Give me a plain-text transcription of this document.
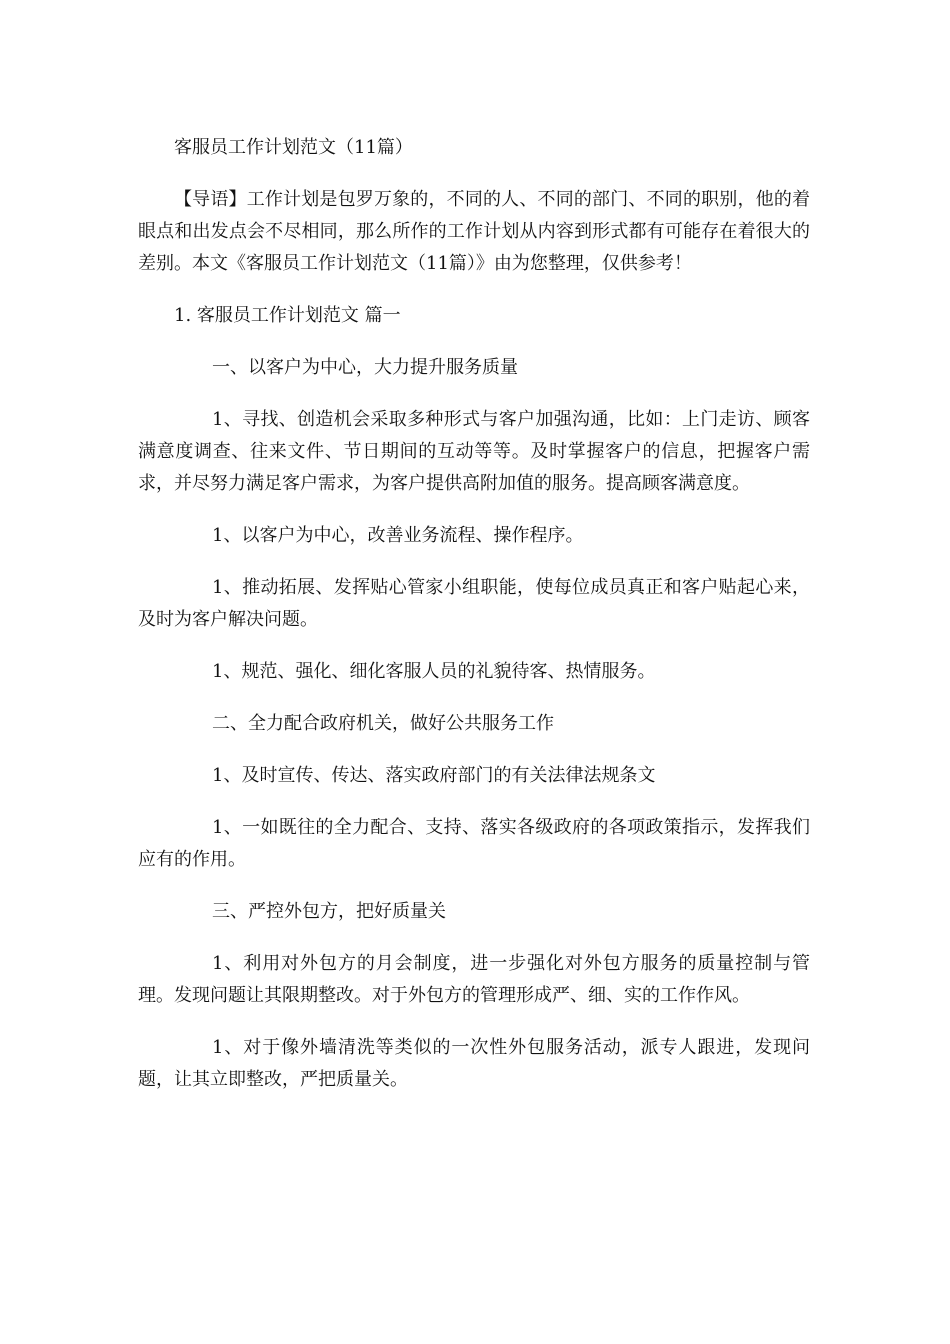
客服员工作计划范文（11篇）

【导语】工作计划是包罗万象的，不同的人、不同的部门、不同的职别，他的着眼点和出发点会不尽相同，那么所作的工作计划从内容到形式都有可能存在着很大的差别。本文《客服员工作计划范文（11篇）》由为您整理，仅供参考！

1. 客服员工作计划范文 篇一

一、以客户为中心，大力提升服务质量

1、寻找、创造机会采取多种形式与客户加强沟通，比如：上门走访、顾客满意度调查、往来文件、节日期间的互动等等。及时掌握客户的信息，把握客户需求，并尽努力满足客户需求，为客户提供高附加值的服务。提高顾客满意度。

1、以客户为中心，改善业务流程、操作程序。

1、推动拓展、发挥贴心管家小组职能，使每位成员真正和客户贴起心来，及时为客户解决问题。

1、规范、强化、细化客服人员的礼貌待客、热情服务。

二、全力配合政府机关，做好公共服务工作

1、及时宣传、传达、落实政府部门的有关法律法规条文

1、一如既往的全力配合、支持、落实各级政府的各项政策指示，发挥我们应有的作用。

三、严控外包方，把好质量关

1、利用对外包方的月会制度，进一步强化对外包方服务的质量控制与管理。发现问题让其限期整改。对于外包方的管理形成严、细、实的工作作风。

1、对于像外墙清洗等类似的一次性外包服务活动，派专人跟进，发现问题，让其立即整改，严把质量关。
